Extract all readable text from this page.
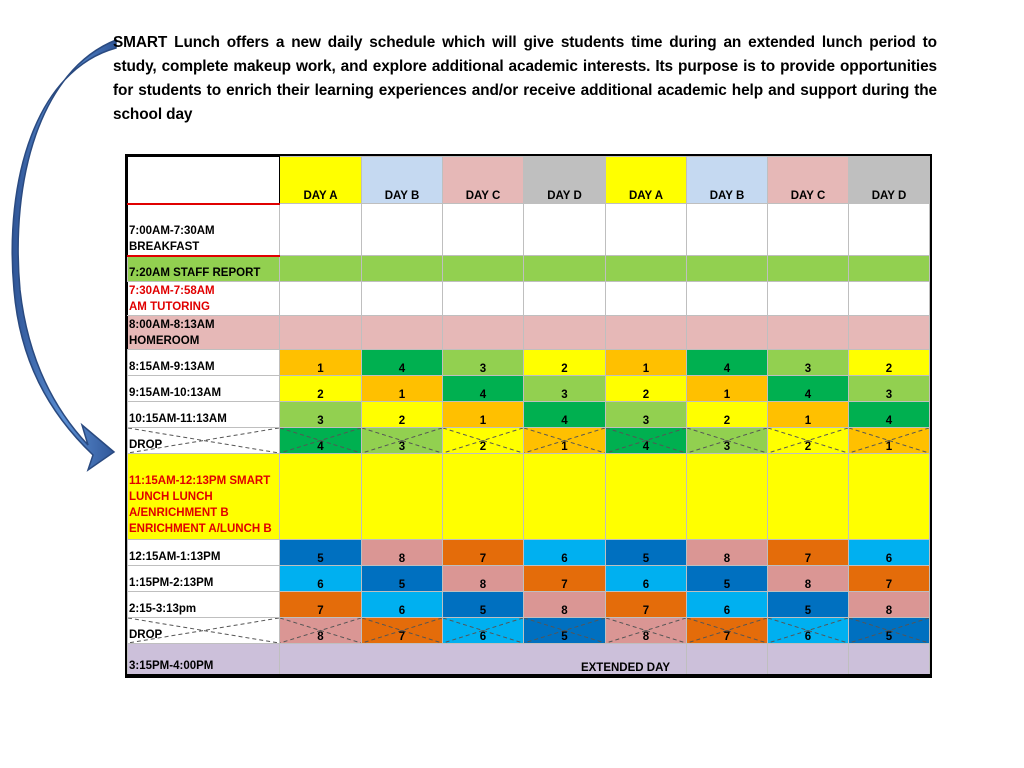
SMART Lunch offers a new daily schedule which will give students time during an extended lunch period to study, complete makeup work, and explore additional academic interests. Its purpose is to provide opportunities for students to enrich their learning experiences and/or receive additional academic help and support during the school day
	DAY A	DAY B	DAY C	DAY D	DAY A	DAY B	DAY C	DAY D
7:00AM-7:30AM
BREAKFAST								
7:20AM STAFF REPORT								
7:30AM-7:58AM
AM TUTORING								
8:00AM-8:13AM
HOMEROOM								
8:15AM-9:13AM	1	4	3	2	1	4	3	2
9:15AM-10:13AM	2	1	4	3	2	1	4	3
10:15AM-11:13AM	3	2	1	4	3	2	1	4

DROP	4	3	2	1	4	3	2	1
11:15AM-12:13PM SMART LUNCH LUNCH A/ENRICHMENT B ENRICHMENT A/LUNCH B								
12:15AM-1:13PM	5	8	7	6	5	8	7	6
1:15PM-2:13PM	6	5	8	7	6	5	8	7
2:15-3:13pm	7	6	5	8	7	6	5	8

DROP	8	7	6	5	8	7	6	5
3:15PM-4:00PM	EXTENDED DAY							
